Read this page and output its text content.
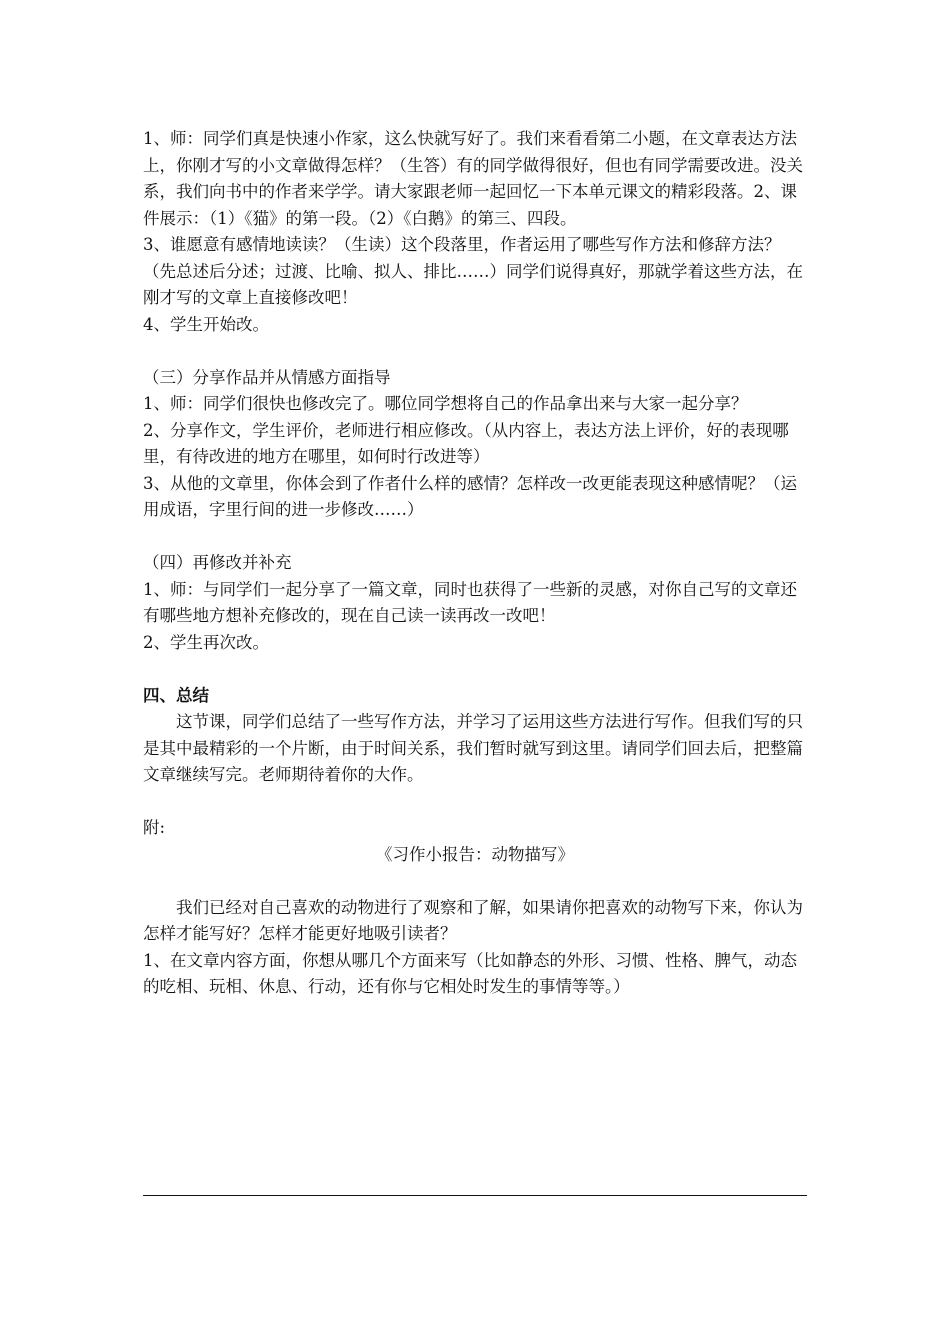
1、师：同学们真是快速小作家，这么快就写好了。我们来看看第二小题，在文章表达方法上，你刚才写的小文章做得怎样？（生答）有的同学做得很好，但也有同学需要改进。没关系，我们向书中的作者来学学。请大家跟老师一起回忆一下本单元课文的精彩段落。2、课件展示：（1）《猫》的第一段。（2）《白鹅》的第三、四段。

3、谁愿意有感情地读读？（生读）这个段落里，作者运用了哪些写作方法和修辞方法？（先总述后分述；过渡、比喻、拟人、排比……）同学们说得真好，那就学着这些方法，在刚才写的文章上直接修改吧！

4、学生开始改。

（三）分享作品并从情感方面指导

1、师：同学们很快也修改完了。哪位同学想将自己的作品拿出来与大家一起分享？

2、分享作文，学生评价，老师进行相应修改。（从内容上，表达方法上评价，好的表现哪里，有待改进的地方在哪里，如何时行改进等）

3、从他的文章里，你体会到了作者什么样的感情？怎样改一改更能表现这种感情呢？（运用成语，字里行间的进一步修改……）

（四）再修改并补充

1、师：与同学们一起分享了一篇文章，同时也获得了一些新的灵感，对你自己写的文章还有哪些地方想补充修改的，现在自己读一读再改一改吧！

2、学生再次改。

四、总结

这节课，同学们总结了一些写作方法，并学习了运用这些方法进行写作。但我们写的只是其中最精彩的一个片断，由于时间关系，我们暂时就写到这里。请同学们回去后，把整篇文章继续写完。老师期待着你的大作。

附:

《习作小报告：动物描写》

我们已经对自己喜欢的动物进行了观察和了解，如果请你把喜欢的动物写下来，你认为怎样才能写好？怎样才能更好地吸引读者？

1、在文章内容方面，你想从哪几个方面来写（比如静态的外形、习惯、性格、脾气，动态的吃相、玩相、休息、行动，还有你与它相处时发生的事情等等。）
